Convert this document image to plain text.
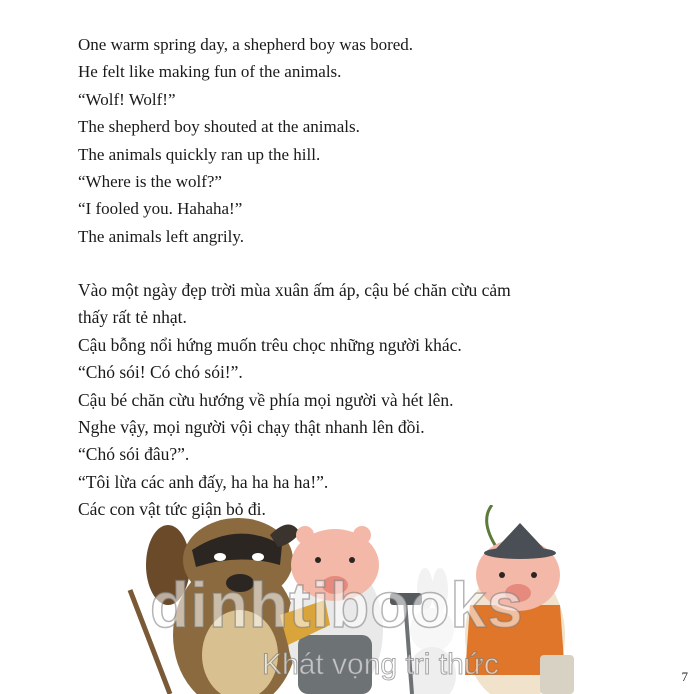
One warm spring day, a shepherd boy was bored.
He felt like making fun of the animals.
“Wolf! Wolf!”
The shepherd boy shouted at the animals.
The animals quickly ran up the hill.
“Where is the wolf?”
“I fooled you. Hahaha!”
The animals left angrily.
Vào một ngày đẹp trời mùa xuân ấm áp, cậu bé chăn cừu cảm
thấy rất tẻ nhạt.
Cậu bỗng nổi hứng muốn trêu chọc những người khác.
“Chó sói! Có chó sói!”.
Cậu bé chăn cừu hướng về phía mọi người và hét lên.
Nghe vậy, mọi người vội chạy thật nhanh lên đồi.
“Chó sói đâu?”.
“Tôi lừa các anh đấy, ha ha ha ha!”.
Các con vật tức giận bỏ đi.
dinhtibooks
Khát vọng tri thức	7
